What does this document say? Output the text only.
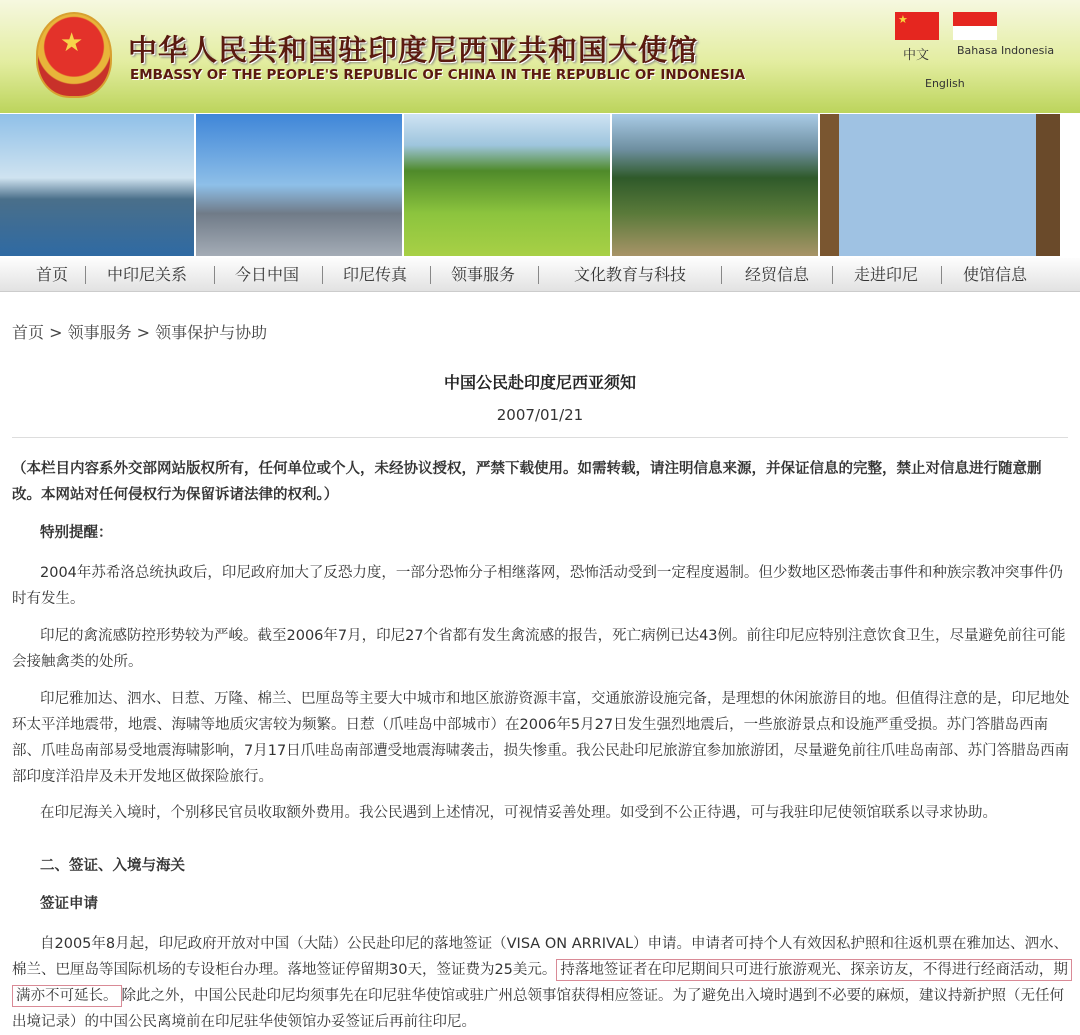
★ 中华人民共和国驻印度尼西亚共和国大使馆
EMBASSY OF THE PEOPLE'S REPUBLIC OF CHINA IN THE REPUBLIC OF INDONESIA
★
中文	Bahasa Indonesia
English
首页	中印尼关系	今日中国	印尼传真	领事服务	文化教育与科技	经贸信息	走进印尼	使馆信息
首页 > 领事服务 > 领事保护与协助
中国公民赴印度尼西亚须知
2007/01/21
（本栏目内容系外交部网站版权所有，任何单位或个人，未经协议授权，严禁下载使用。如需转载，请注明信息来源，并保证信息的完整，禁止对信息进行随意删改。本网站对任何侵权行为保留诉诸法律的权利。）
特别提醒：
2004年苏希洛总统执政后，印尼政府加大了反恐力度，一部分恐怖分子相继落网，恐怖活动受到一定程度遏制。但少数地区恐怖袭击事件和种族宗教冲突事件仍时有发生。
印尼的禽流感防控形势较为严峻。截至2006年7月，印尼27个省都有发生禽流感的报告，死亡病例已达43例。前往印尼应特别注意饮食卫生，尽量避免前往可能会接触禽类的处所。
印尼雅加达、泗水、日惹、万隆、棉兰、巴厘岛等主要大中城市和地区旅游资源丰富，交通旅游设施完备，是理想的休闲旅游目的地。但值得注意的是，印尼地处环太平洋地震带，地震、海啸等地质灾害较为频繁。日惹（爪哇岛中部城市）在2006年5月27日发生强烈地震后，一些旅游景点和设施严重受损。苏门答腊岛西南部、爪哇岛南部易受地震海啸影响，7月17日爪哇岛南部遭受地震海啸袭击，损失惨重。我公民赴印尼旅游宜参加旅游团，尽量避免前往爪哇岛南部、苏门答腊岛西南部印度洋沿岸及未开发地区做探险旅行。
在印尼海关入境时，个别移民官员收取额外费用。我公民遇到上述情况，可视情妥善处理。如受到不公正待遇，可与我驻印尼使领馆联系以寻求协助。
二、签证、入境与海关
签证申请
自2005年8月起，印尼政府开放对中国（大陆）公民赴印尼的落地签证（VISA ON ARRIVAL）申请。申请者可持个人有效因私护照和往返机票在雅加达、泗水、棉兰、巴厘岛等国际机场的专设柜台办理。落地签证停留期30天，签证费为25美元。 持落地签证者在印尼期间只可进行旅游观光、探亲访友，不得进行经商活动，期满亦不可延长。 除此之外，中国公民赴印尼均须事先在印尼驻华使馆或驻广州总领事馆获得相应签证。为了避免出入境时遇到不必要的麻烦，建议持新护照（无任何出境记录）的中国公民离境前在印尼驻华使领馆办妥签证后再前往印尼。
